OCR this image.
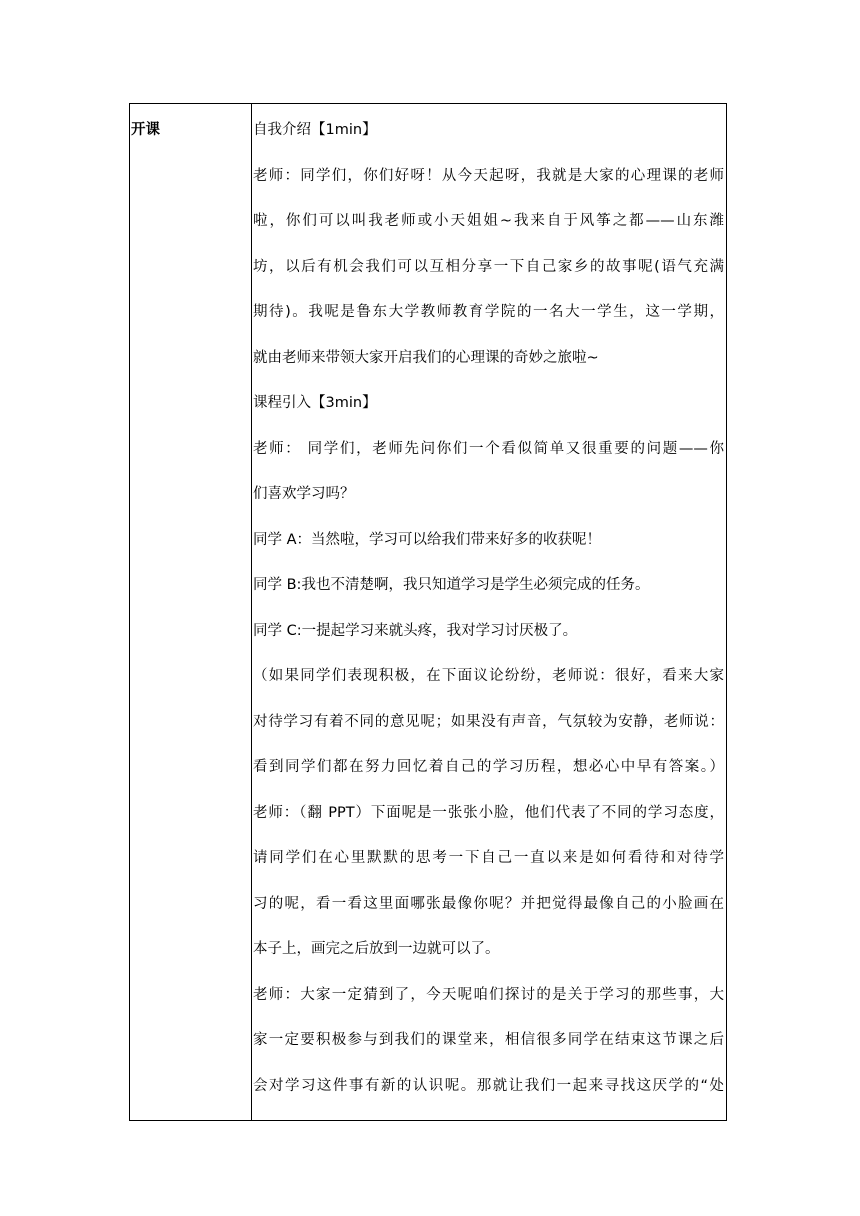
开课	自我介绍【1min】
老师：同学们，你们好呀！从今天起呀，我就是大家的心理课的老师
啦，你们可以叫我老师或小天姐姐~我来自于风筝之都——山东潍
坊，以后有机会我们可以互相分享一下自己家乡的故事呢(语气充满
期待)。我呢是鲁东大学教师教育学院的一名大一学生，这一学期，
就由老师来带领大家开启我们的心理课的奇妙之旅啦~
课程引入【3min】
老师： 同学们，老师先问你们一个看似简单又很重要的问题——你
们喜欢学习吗？
同学 A：当然啦，学习可以给我们带来好多的收获呢！
同学 B:我也不清楚啊，我只知道学习是学生必须完成的任务。
同学 C:一提起学习来就头疼，我对学习讨厌极了。
（如果同学们表现积极，在下面议论纷纷，老师说：很好，看来大家
对待学习有着不同的意见呢；如果没有声音，气氛较为安静，老师说：
看到同学们都在努力回忆着自己的学习历程，想必心中早有答案。）
老师：（翻 PPT）下面呢是一张张小脸，他们代表了不同的学习态度，
请同学们在心里默默的思考一下自己一直以来是如何看待和对待学
习的呢，看一看这里面哪张最像你呢？并把觉得最像自己的小脸画在
本子上，画完之后放到一边就可以了。
老师：大家一定猜到了，今天呢咱们探讨的是关于学习的那些事，大
家一定要积极参与到我们的课堂来，相信很多同学在结束这节课之后
会对学习这件事有新的认识呢。那就让我们一起来寻找这厌学的“处
